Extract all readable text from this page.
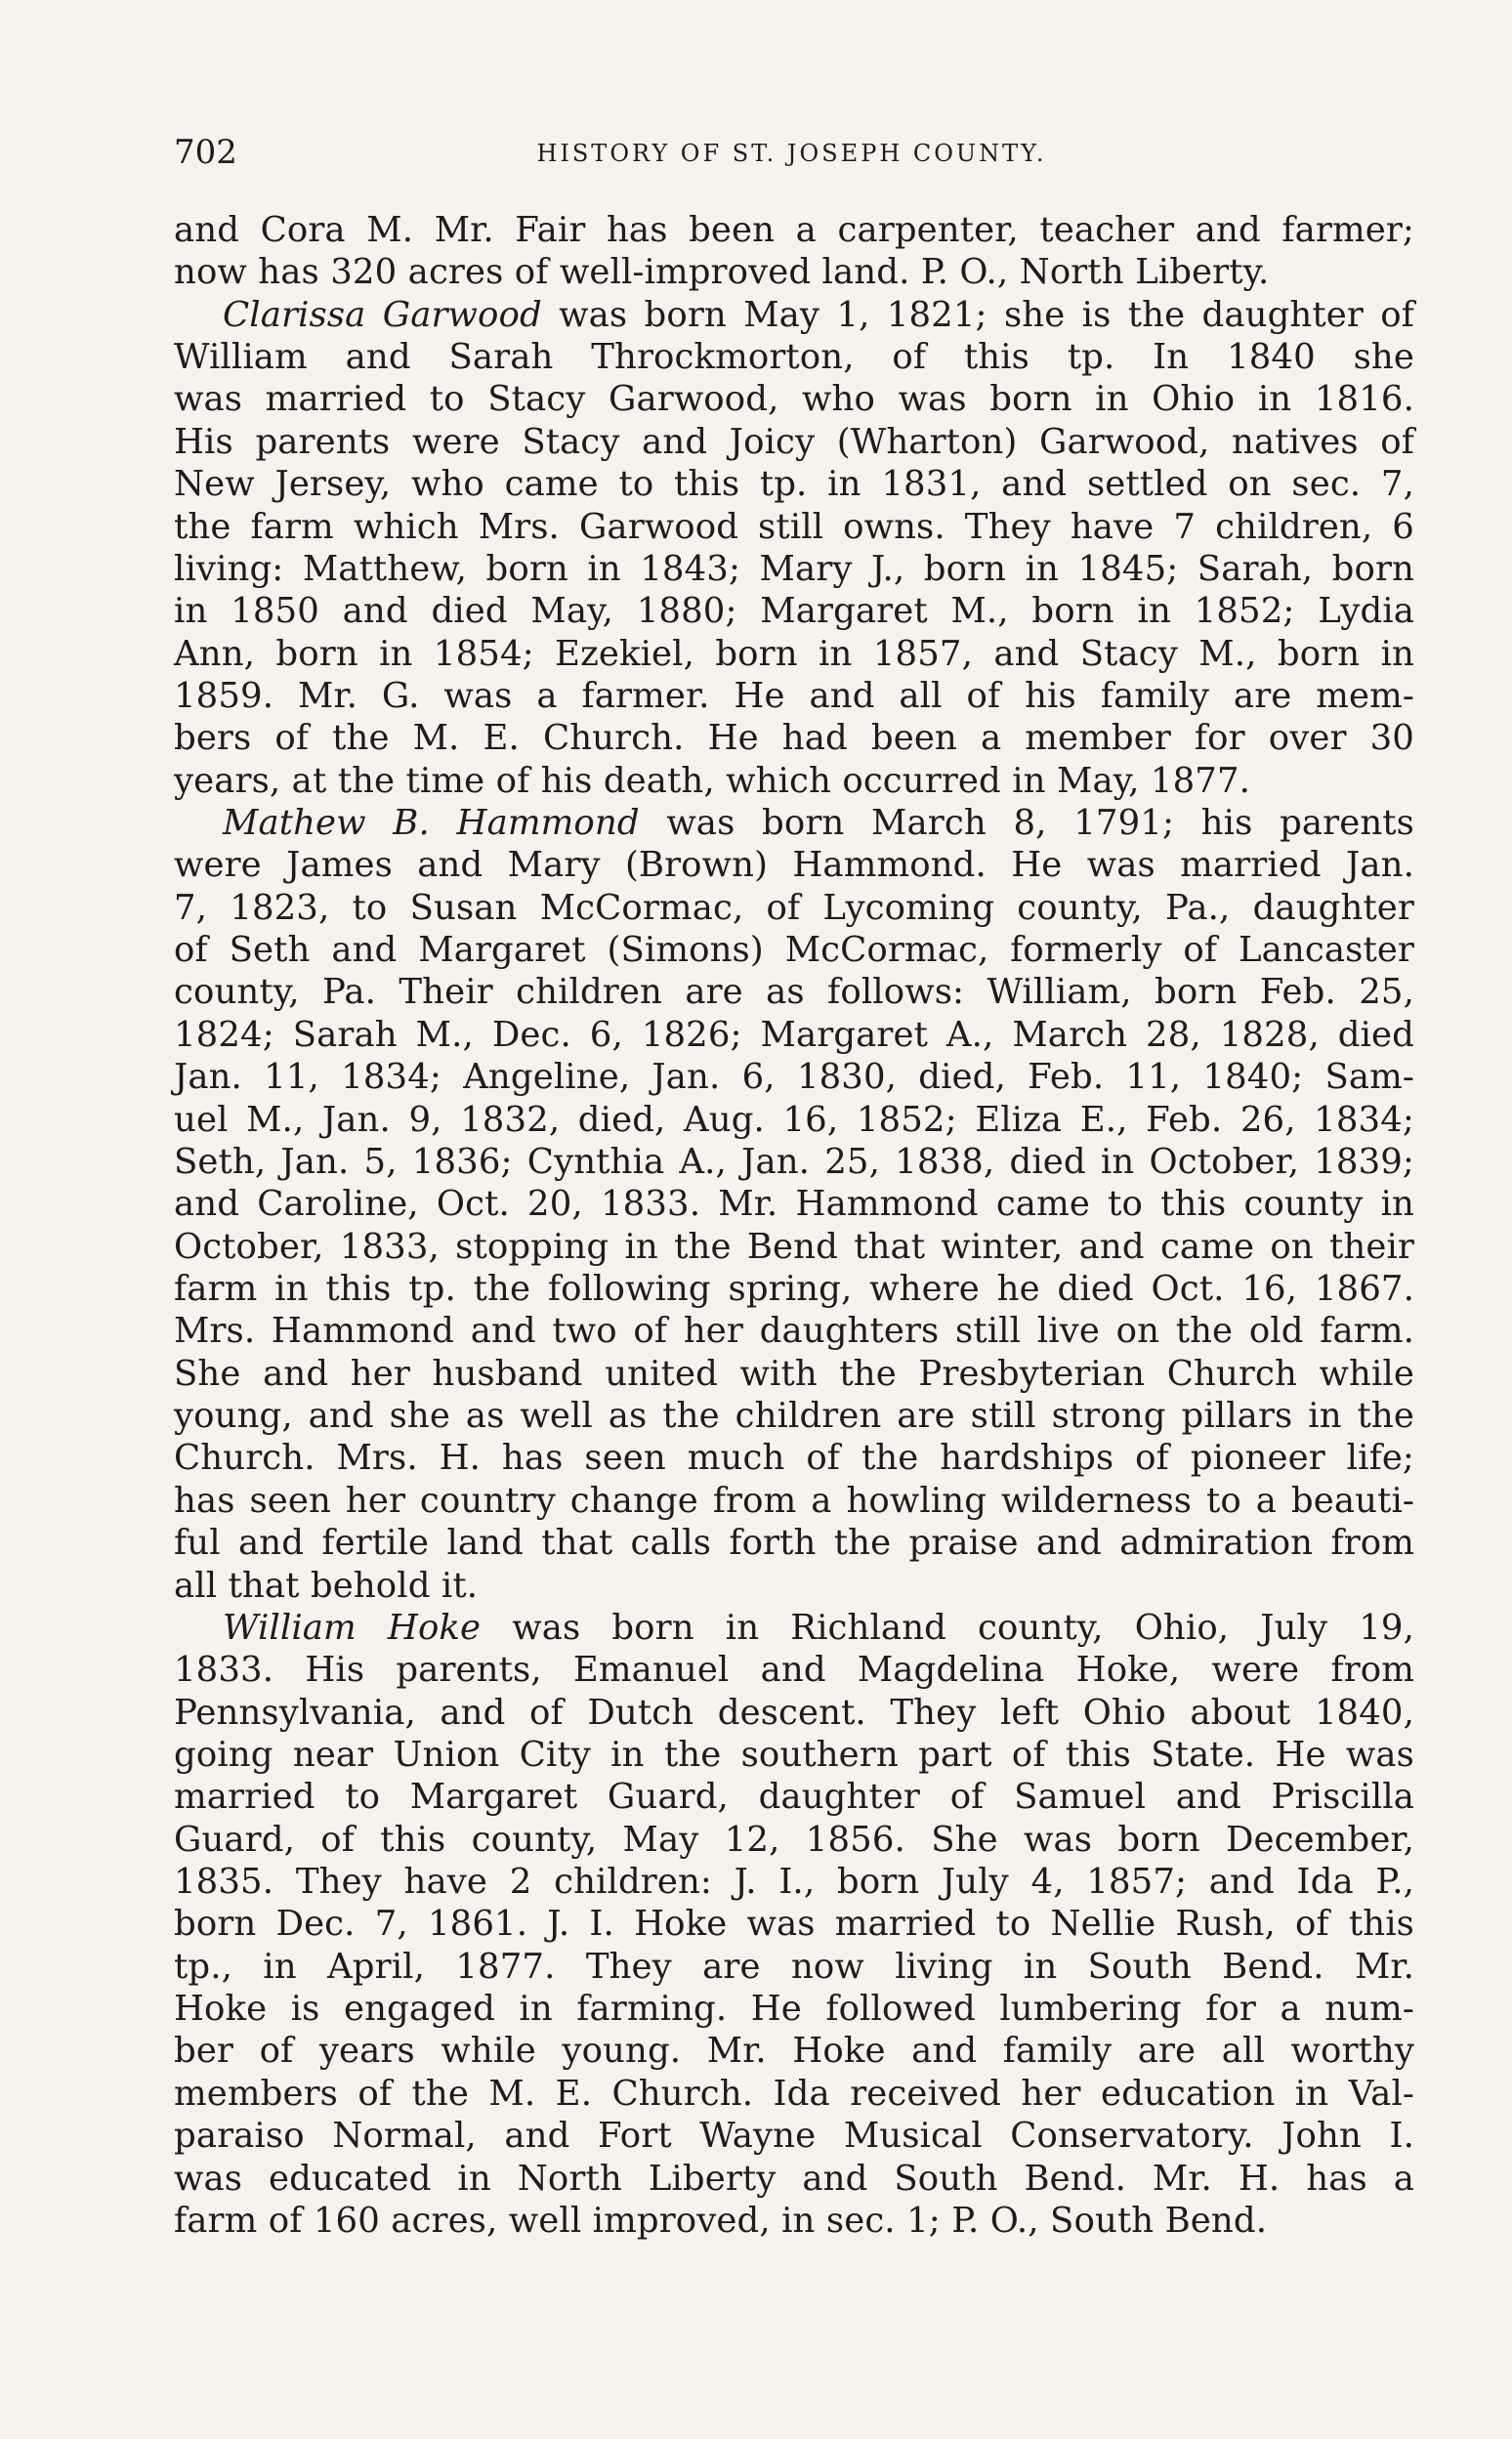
702	HISTORY OF ST. JOSEPH COUNTY.
and Cora M. Mr. Fair has been a carpenter, teacher and farmer;
now has 320 acres of well-improved land. P. O., North Liberty.
Clarissa Garwood was born May 1, 1821; she is the daughter of
William and Sarah Throckmorton, of this tp. In 1840 she
was married to Stacy Garwood, who was born in Ohio in 1816.
His parents were Stacy and Joicy (Wharton) Garwood, natives of
New Jersey, who came to this tp. in 1831, and settled on sec. 7,
the farm which Mrs. Garwood still owns. They have 7 children, 6
living: Matthew, born in 1843; Mary J., born in 1845; Sarah, born
in 1850 and died May, 1880; Margaret M., born in 1852; Lydia
Ann, born in 1854; Ezekiel, born in 1857, and Stacy M., born in
1859. Mr. G. was a farmer. He and all of his family are mem-
bers of the M. E. Church. He had been a member for over 30
years, at the time of his death, which occurred in May, 1877.
Mathew B. Hammond was born March 8, 1791; his parents
were James and Mary (Brown) Hammond. He was married Jan.
7, 1823, to Susan McCormac, of Lycoming county, Pa., daughter
of Seth and Margaret (Simons) McCormac, formerly of Lancaster
county, Pa. Their children are as follows: William, born Feb. 25,
1824; Sarah M., Dec. 6, 1826; Margaret A., March 28, 1828, died
Jan. 11, 1834; Angeline, Jan. 6, 1830, died, Feb. 11, 1840; Sam-
uel M., Jan. 9, 1832, died, Aug. 16, 1852; Eliza E., Feb. 26, 1834;
Seth, Jan. 5, 1836; Cynthia A., Jan. 25, 1838, died in October, 1839;
and Caroline, Oct. 20, 1833. Mr. Hammond came to this county in
October, 1833, stopping in the Bend that winter, and came on their
farm in this tp. the following spring, where he died Oct. 16, 1867.
Mrs. Hammond and two of her daughters still live on the old farm.
She and her husband united with the Presbyterian Church while
young, and she as well as the children are still strong pillars in the
Church. Mrs. H. has seen much of the hardships of pioneer life;
has seen her country change from a howling wilderness to a beauti-
ful and fertile land that calls forth the praise and admiration from
all that behold it.
William Hoke was born in Richland county, Ohio, July 19,
1833. His parents, Emanuel and Magdelina Hoke, were from
Pennsylvania, and of Dutch descent. They left Ohio about 1840,
going near Union City in the southern part of this State. He was
married to Margaret Guard, daughter of Samuel and Priscilla
Guard, of this county, May 12, 1856. She was born December,
1835. They have 2 children: J. I., born July 4, 1857; and Ida P.,
born Dec. 7, 1861. J. I. Hoke was married to Nellie Rush, of this
tp., in April, 1877. They are now living in South Bend. Mr.
Hoke is engaged in farming. He followed lumbering for a num-
ber of years while young. Mr. Hoke and family are all worthy
members of the M. E. Church. Ida received her education in Val-
paraiso Normal, and Fort Wayne Musical Conservatory. John I.
was educated in North Liberty and South Bend. Mr. H. has a
farm of 160 acres, well improved, in sec. 1; P. O., South Bend.
